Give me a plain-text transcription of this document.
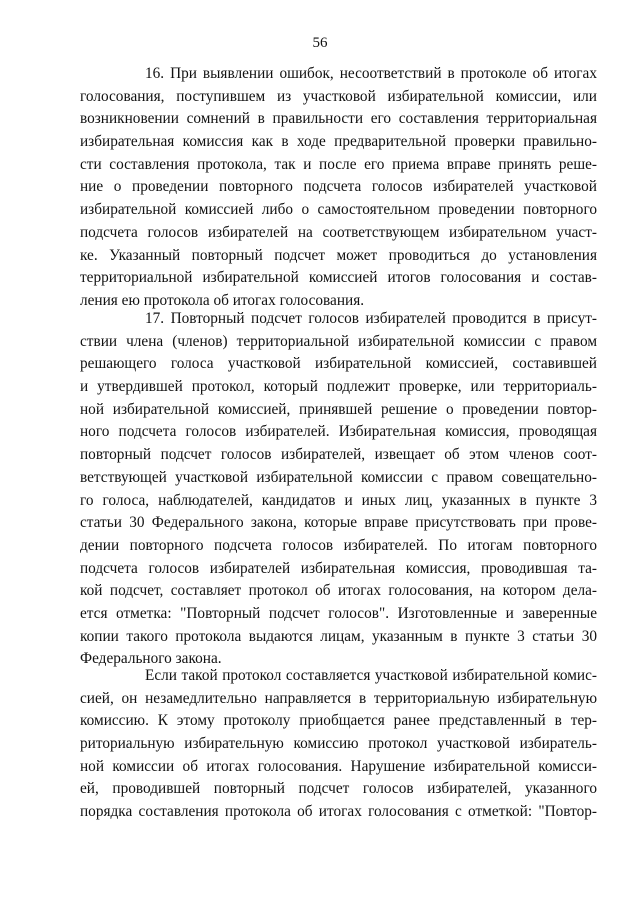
56
16. При выявлении ошибок, несоответствий в протоколе об итогах
голосования, поступившем из участковой избирательной комиссии, или
возникновении сомнений в правильности его составления территориальная
избирательная комиссия как в ходе предварительной проверки правильно-
сти составления протокола, так и после его приема вправе принять реше-
ние о проведении повторного подсчета голосов избирателей участковой
избирательной комиссией либо о самостоятельном проведении повторного
подсчета голосов избирателей на соответствующем избирательном участ-
ке. Указанный повторный подсчет может проводиться до установления
территориальной избирательной комиссией итогов голосования и состав-
ления ею протокола об итогах голосования.
17. Повторный подсчет голосов избирателей проводится в присут-
ствии члена (членов) территориальной избирательной комиссии с правом
решающего голоса участковой избирательной комиссией, составившей
и утвердившей протокол, который подлежит проверке, или территориаль-
ной избирательной комиссией, принявшей решение о проведении повтор-
ного подсчета голосов избирателей. Избирательная комиссия, проводящая
повторный подсчет голосов избирателей, извещает об этом членов соот-
ветствующей участковой избирательной комиссии с правом совещательно-
го голоса, наблюдателей, кандидатов и иных лиц, указанных в пункте 3
статьи 30 Федерального закона, которые вправе присутствовать при прове-
дении повторного подсчета голосов избирателей. По итогам повторного
подсчета голосов избирателей избирательная комиссия, проводившая та-
кой подсчет, составляет протокол об итогах голосования, на котором дела-
ется отметка: "Повторный подсчет голосов". Изготовленные и заверенные
копии такого протокола выдаются лицам, указанным в пункте 3 статьи 30
Федерального закона.
Если такой протокол составляется участковой избирательной комис-
сией, он незамедлительно направляется в территориальную избирательную
комиссию. К этому протоколу приобщается ранее представленный в тер-
риториальную избирательную комиссию протокол участковой избиратель-
ной комиссии об итогах голосования. Нарушение избирательной комисси-
ей, проводившей повторный подсчет голосов избирателей, указанного
порядка составления протокола об итогах голосования с отметкой: "Повтор-
